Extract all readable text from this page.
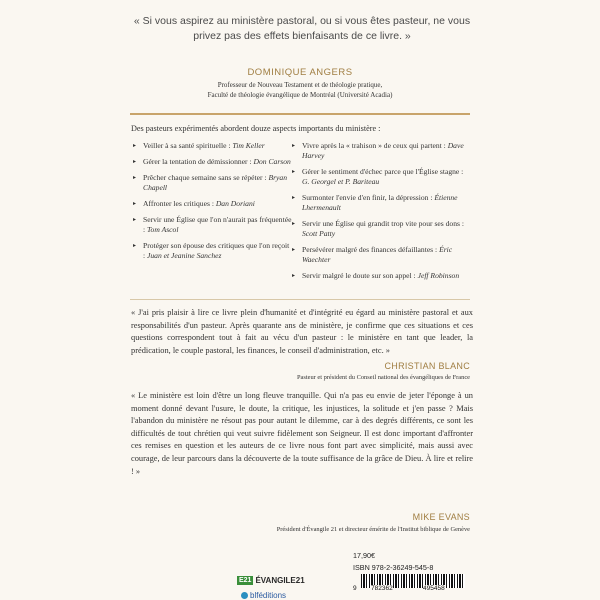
« Si vous aspirez au ministère pastoral, ou si vous êtes pasteur, ne vous privez pas des effets bienfaisants de ce livre. »
DOMINIQUE ANGERS
Professeur de Nouveau Testament et de théologie pratique,
Faculté de théologie évangélique de Montréal (Université Acadia)
Des pasteurs expérimentés abordent douze aspects importants du ministère :
▸ Veiller à sa santé spirituelle : Tim Keller
▸ Gérer la tentation de démissionner : Don Carson
▸ Prêcher chaque semaine sans se répéter : Bryan Chapell
▸ Affronter les critiques : Dan Doriani
▸ Servir une Église que l'on n'aurait pas fréquentée : Tom Ascol
▸ Protéger son épouse des critiques que l'on reçoit : Juan et Jeanine Sanchez
▸ Vivre après la « trahison » de ceux qui partent : Dave Harvey
▸ Gérer le sentiment d'échec parce que l'Église stagne : G. Georgel et P. Bariteau
▸ Surmonter l'envie d'en finir, la dépression : Étienne Lhermenault
▸ Servir une Église qui grandit trop vite pour ses dons : Scott Patty
▸ Persévérer malgré des finances défaillantes : Éric Waechter
▸ Servir malgré le doute sur son appel : Jeff Robinson
« J'ai pris plaisir à lire ce livre plein d'humanité et d'intégrité eu égard au ministère pastoral et aux responsabilités d'un pasteur. Après quarante ans de ministère, je confirme que ces situations et ces questions correspondent tout à fait au vécu d'un pasteur : le ministère en tant que leader, la prédication, le couple pastoral, les finances, le conseil d'administration, etc. »
CHRISTIAN BLANC
Pasteur et président du Conseil national des évangéliques de France
« Le ministère est loin d'être un long fleuve tranquille. Qui n'a pas eu envie de jeter l'éponge à un moment donné devant l'usure, le doute, la critique, les injustices, la solitude et j'en passe ? Mais l'abandon du ministère ne résout pas pour autant le dilemme, car à des degrés différents, ce sont les difficultés de tout chrétien qui veut suivre fidèlement son Seigneur. Il est donc important d'affronter ces remises en question et les auteurs de ce livre nous font part avec simplicité, mais aussi avec courage, de leur parcours dans la découverte de la toute suffisance de la grâce de Dieu. À lire et relire ! »
MIKE EVANS
Président d'Évangile 21 et directeur émérite de l'Institut biblique de Genève
E21 ÉVANGILE21
blféditions
17,90€
ISBN 978-2-36249-545-8
9 782362	495458
